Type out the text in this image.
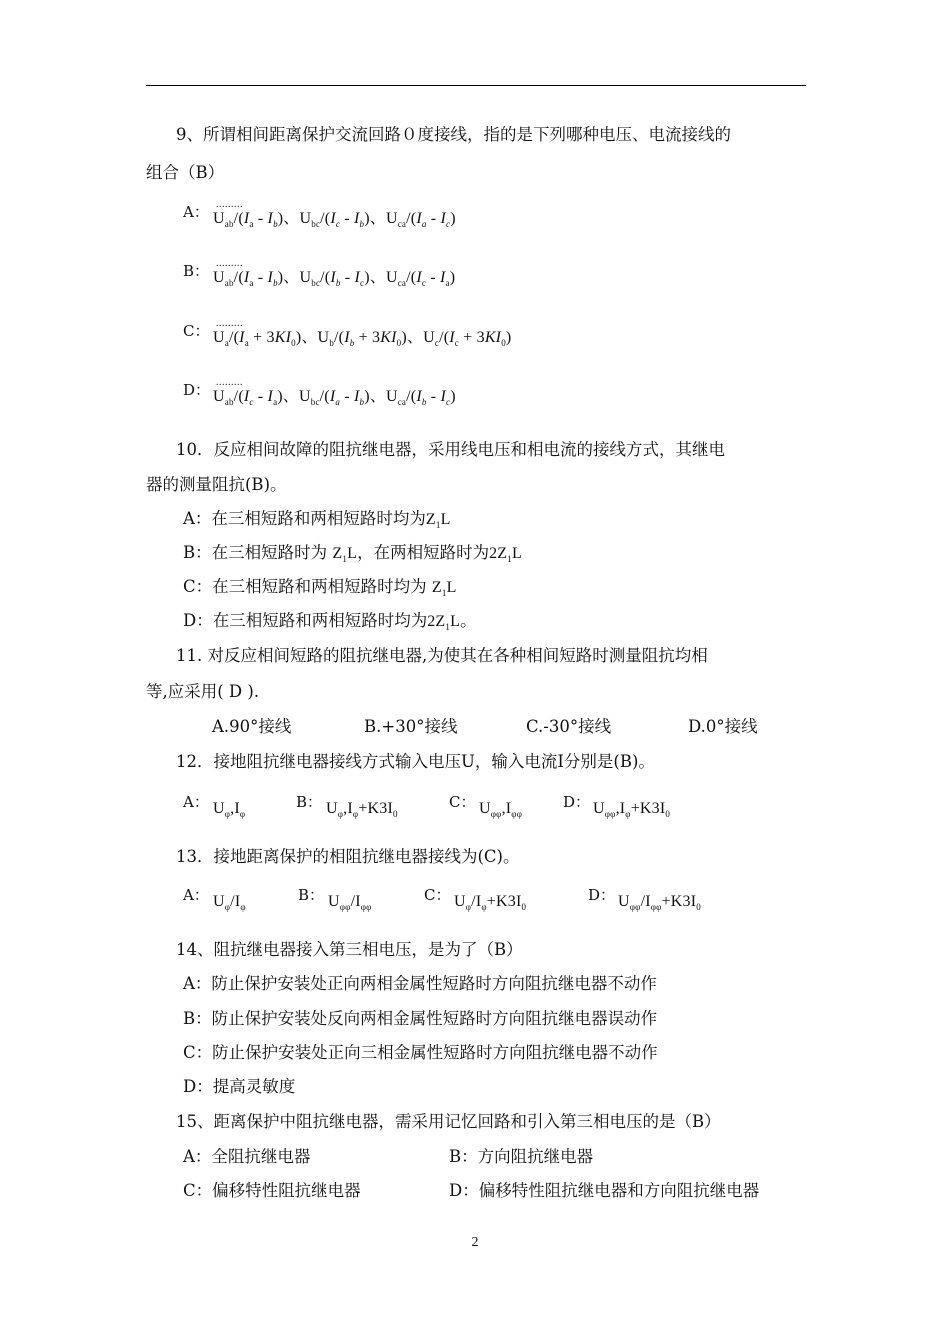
9、所谓相间距离保护交流回路０度接线，指的是下列哪种电压、电流接线的
组合（B）
A： .........
$U_{ab}/(I_a - I_b)$、$U_{bc}/(I_c - I_b)$、$U_{ca}/(I_a - I_c)$
B： .........
$U_{ab}/(I_a - I_b)$、$U_{bc}/(I_b - I_c)$、$U_{ca}/(I_c - I_a)$
C： .........
$U_a/(I_a + 3KI_0)$、$U_b/(I_b + 3KI_0)$、$U_c/(I_c + 3KI_0)$
D： .........
$U_{ab}/(I_c - I_a)$、$U_{bc}/(I_a - I_b)$、$U_{ca}/(I_b - I_c)$
10．反应相间故障的阻抗继电器，采用线电压和相电流的接线方式，其继电
器的测量阻抗(B)。
A：在三相短路和两相短路时均为$Z_1L$
B：在三相短路时为 $Z_1L$，在两相短路时为$2Z_1L$
C：在三相短路和两相短路时均为 $Z_1L$
D：在三相短路和两相短路时均为$2Z_1L$。
11. 对反应相间短路的阻抗继电器,为使其在各种相间短路时测量阻抗均相
等,应采用( D ).
A.90°接线	B.+30°接线	C.-30°接线	D.0°接线
12．接地阻抗继电器接线方式输入电压U，输入电流I分别是(B)。
A： $U_\varphi,I_\varphi$
B： $U_\varphi,I_\varphi+K3I_0$
C： $U_{\varphi\varphi},I_{\varphi\varphi}$
D： $U_{\varphi\varphi},I_\varphi+K3I_0$
13．接地距离保护的相阻抗继电器接线为(C)。
A： $U_\varphi/I_\varphi$
B： $U_{\varphi\varphi}/I_{\varphi\varphi}$
C： $U_\varphi/I_\varphi+K3I_0$
D： $U_{\varphi\varphi}/I_{\varphi\varphi}+K3I_0$
14、阻抗继电器接入第三相电压，是为了（B）
A：防止保护安装处正向两相金属性短路时方向阻抗继电器不动作
B：防止保护安装处反向两相金属性短路时方向阻抗继电器误动作
C：防止保护安装处正向三相金属性短路时方向阻抗继电器不动作
D：提高灵敏度
15、距离保护中阻抗继电器，需采用记忆回路和引入第三相电压的是（B）
A：全阻抗继电器	B：方向阻抗继电器
C：偏移特性阻抗继电器	D：偏移特性阻抗继电器和方向阻抗继电器
2
